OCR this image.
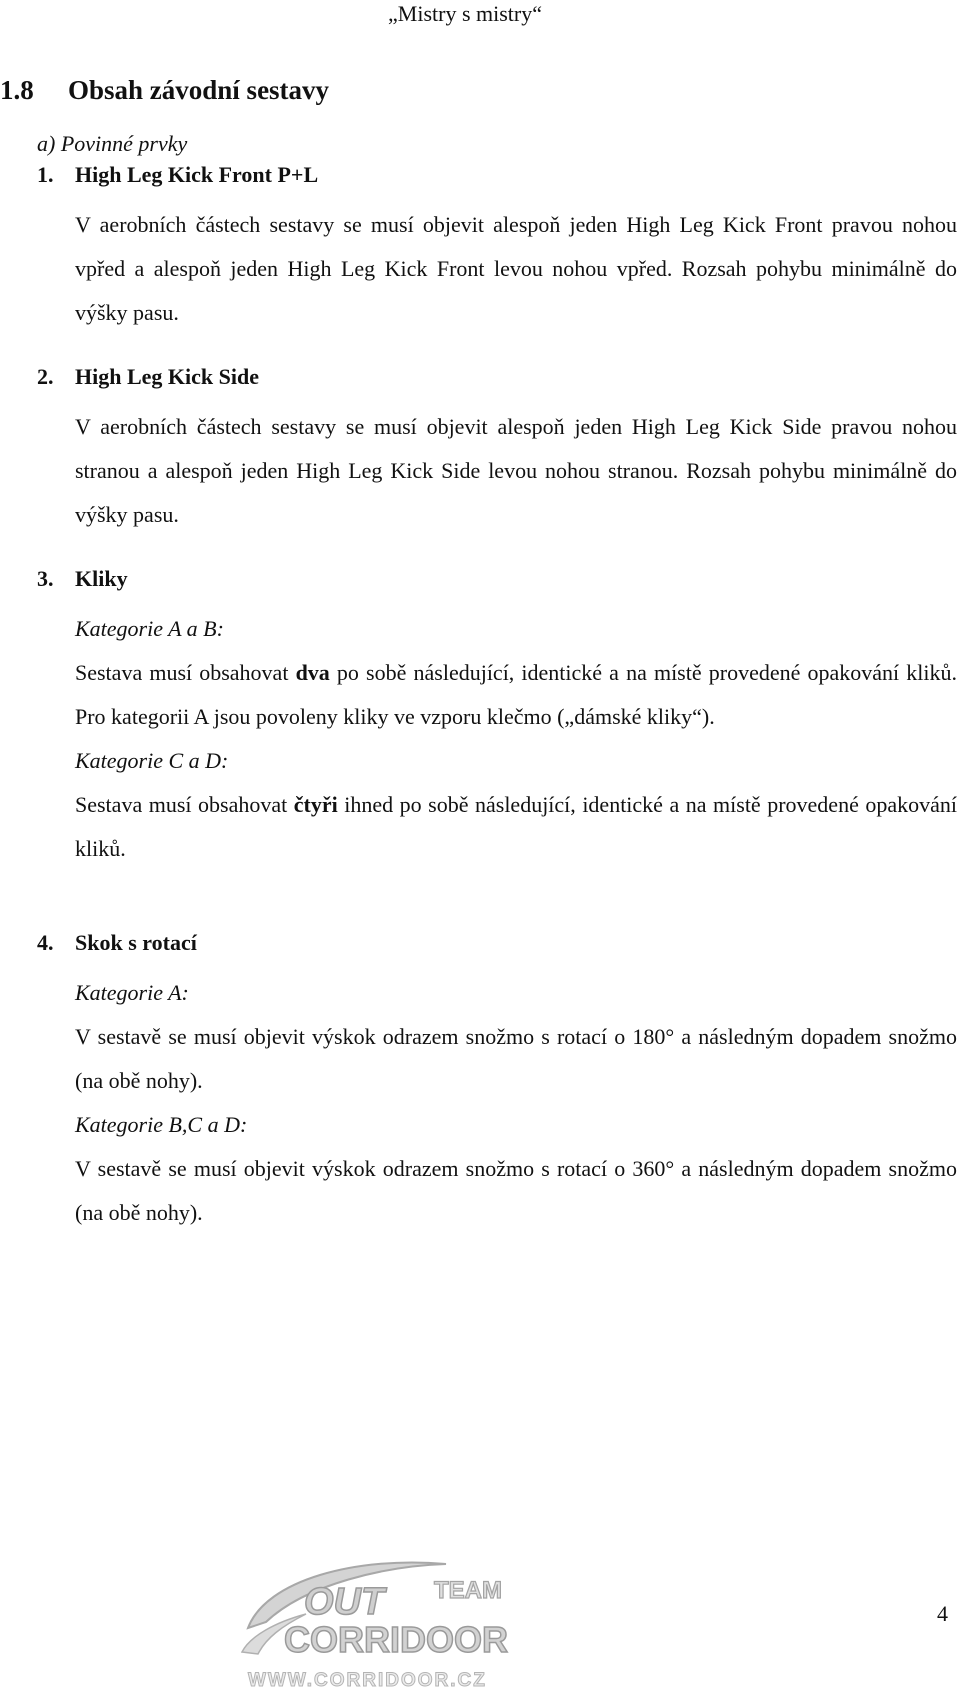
„Mistry s mistry“
1.8 Obsah závodní sestavy
a) Povinné prvky
1. High Leg Kick Front P+L

V aerobních částech sestavy se musí objevit alespoň jeden High Leg Kick Front pravou nohou vpřed a alespoň jeden High Leg Kick Front levou nohou vpřed. Rozsah pohybu minimálně do výšky pasu.

2. High Leg Kick Side

V aerobních částech sestavy se musí objevit alespoň jeden High Leg Kick Side pravou nohou stranou a alespoň jeden High Leg Kick Side levou nohou stranou. Rozsah pohybu minimálně do výšky pasu.

3. Kliky
Kategorie A a B:

Sestava musí obsahovat dva po sobě následující, identické a na místě provedené opakování kliků. Pro kategorii A jsou povoleny kliky ve vzporu klečmo („dámské kliky“).

Kategorie C a D:

Sestava musí obsahovat čtyři ihned po sobě následující, identické a na místě provedené opakování kliků.

4. Skok s rotací
Kategorie A:

V sestavě se musí objevit výskok odrazem snožmo s rotací o 180° a následným dopadem snožmo (na obě nohy).

Kategorie B,C a D:

V sestavě se musí objevit výskok odrazem snožmo s rotací o 360° a následným dopadem snožmo (na obě nohy).

OUT TEAM
CORRIDOOR
WWW.CORRIDOOR.CZ
4
